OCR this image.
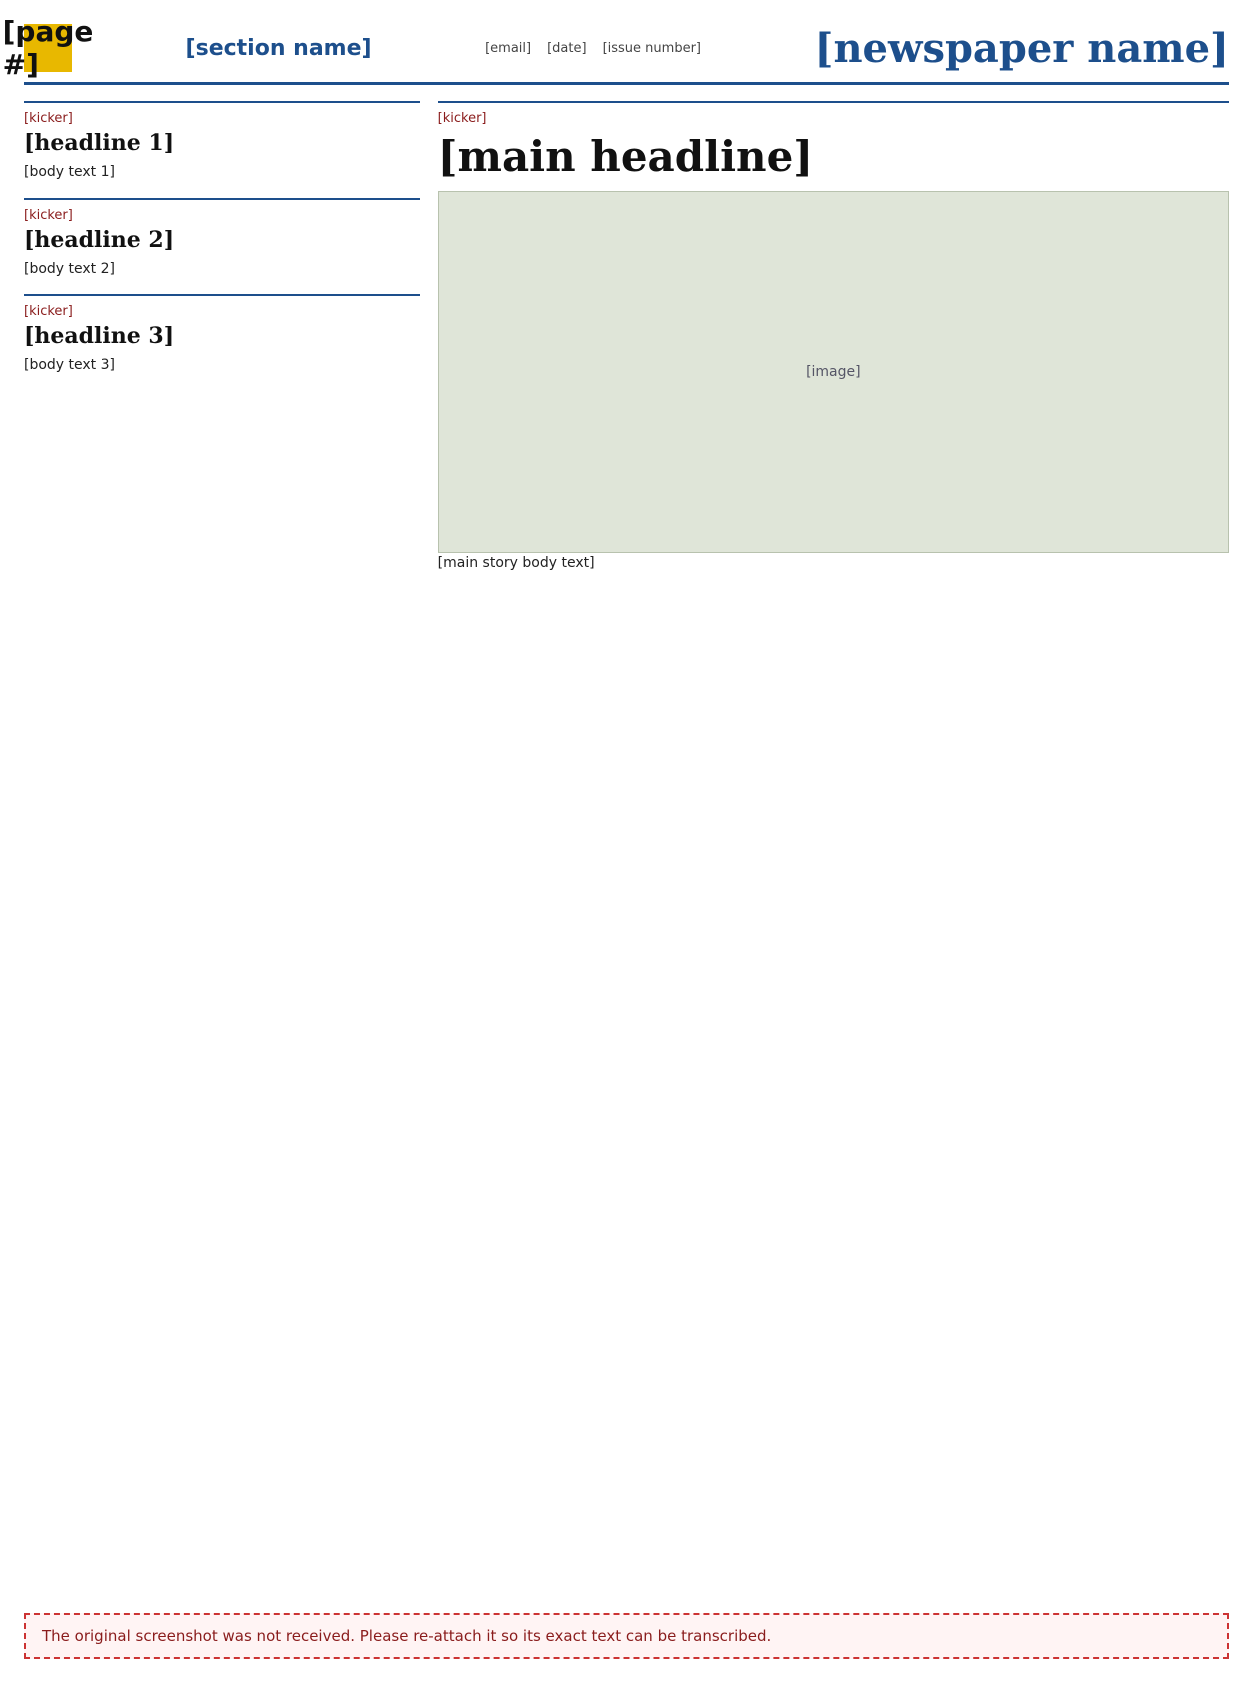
[page #]	[section name]	[email] [date] [issue number]	[newspaper name]
[kicker]
[headline 1]
[body text 1]
[kicker]
[headline 2]
[body text 2]
[kicker]
[headline 3]
[body text 3]
[kicker]
[main headline]
[image]
[main story body text]
The original screenshot was not received. Please re-attach it so its exact text can be transcribed.
